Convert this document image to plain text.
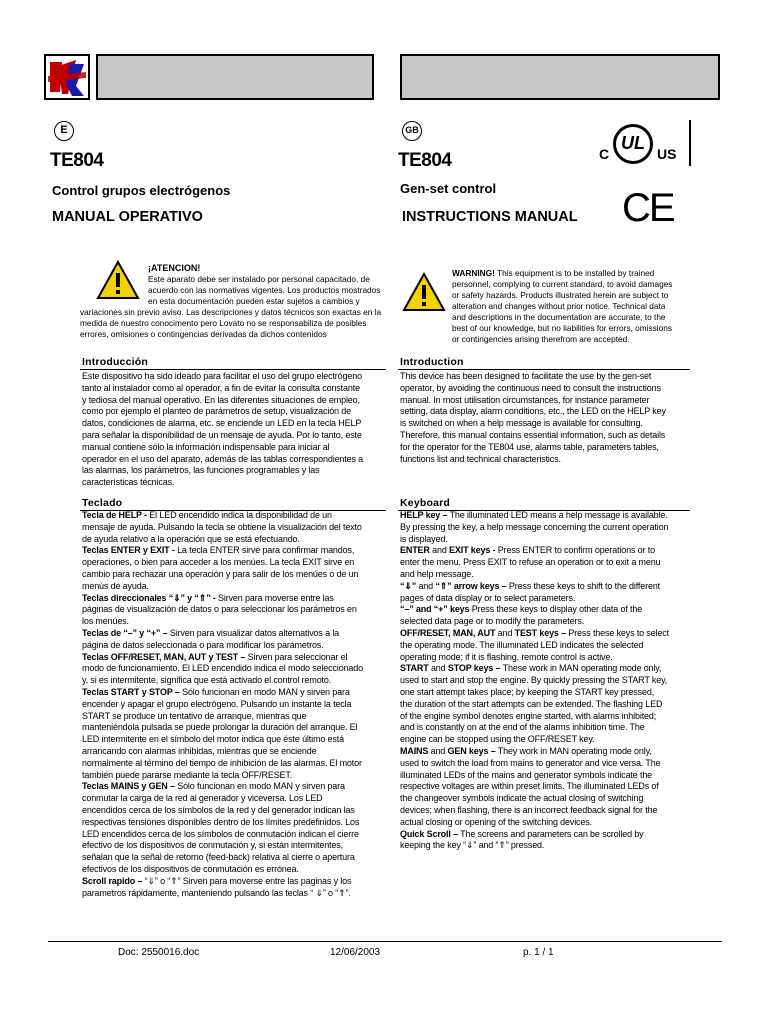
E
TE804
Control grupos electrógenos
MANUAL OPERATIVO
GB
TE804
Gen-set control
INSTRUCTIONS MANUAL
C
UL
US
CE
¡ATENCION!
Este aparato debe ser instalado por personal capacitado, de
acuerdo con las normativas vigentes. Los productos mostrados
en esta documentación pueden estar sujetos a cambios y
variaciones sin previo aviso. Las descripciones y datos técnicos son exactas en la
medida de nuestro conocimento pero Lovato no se responsabiliza de posibles
errores, omisiones o contingencias derivadas da dichos contenidos
WARNING! This equipment is to be installed by trained
personnel, complying to current standard, to avoid damages
or safety hazards. Products illustrated herein are subject to
alteration and changes without prior notice. Technical data
and descriptions in the documentation are accurate, to the
best of our knowledge, but no liabilities for errors, omissions
or contingencies arising therefrom are accepted.
Introducción

Este dispositivo ha sido ideado para facilitar el uso del grupo electrógeno

tanto al instalador como al operador, a fin de evitar la consulta constante

y tediosa del manual operativo. En las diferentes situaciones de empleo,

como por ejemplo el planteo de parámetros de setup, visualización de

datos, condiciones de alarma, etc. se enciende un LED en la tecla HELP

para señalar la disponibilidad de un mensaje de ayuda. Por lo tanto, este

manual contiene sólo la información indispensable para iniciar al

operador en el uso del aparato, además de las tablas correspondientes a

las alarmas, los parámetros, las funciones programables y las

características técnicas.

Introduction

This device has been designed to facilitate the use by the gen-set

operator, by avoiding the continuous need to consult the instructions

manual. In most utilisation circumstances, for instance parameter

setting, data display, alarm conditions, etc., the LED on the HELP key

is switched on when a help message is available for consulting.

Therefore, this manual contains essential information, such as details

for the operator for the TE804 use, alarms table, parameters tables,

functions list and technical characteristics.

Teclado

Tecla de HELP - El LED encendido indica la disponibilidad de un

mensaje de ayuda. Pulsando la tecla se obtiene la visualización del texto

de ayuda relativo a la operación que se está efectuando.

Teclas ENTER y EXIT - La tecla ENTER sirve para confirmar mandos,

operaciones, o bien para acceder a los menúes. La tecla EXIT sirve en

cambio para rechazar una operación y para salir de los menúes o de un

menús de ayuda.

Teclas direccionales “⇓” y “⇑” - Sirven para moverse entre las

páginas de visualización de datos o para seleccionar los parámetros en

los menúes.

Teclas de “–” y “+” – Sirven para visualizar datos alternativos a la

página de datos seleccionada o para modificar los parámetros.

Teclas OFF/RESET, MAN, AUT y TEST – Sirven para seleccionar el

modo de funcionamiento. El LED encendido indica el modo seleccionado

y, si es intermitente, significa que está activado el control remoto.

Teclas START y STOP – Sólo funcionan en modo MAN y sirven para

encender y apagar el grupo electrógeno. Pulsando un instante la tecla

START se produce un tentativo de arranque, mientras que

manteniéndola pulsada se puede prolongar la duración del arranque. El

LED intermitente en el símbolo del motor indica que éste último está

arrancando con alarmas inhibidas, mientras que se enciende

normalmente al término del tiempo de inhibición de las alarmas. El motor

también puede pararse mediante la tecla OFF/RESET.

Teclas MAINS y GEN – Sólo funcionan en modo MAN y sirven para

conmutar la carga de la red al generador y viceversa. Los LED

encendidos cerca de los símbolos de la red y del generador indican las

respectivas tensiones disponibles dentro de los límites predefinidos. Los

LED encendidos cerca de los símbolos de conmutación indican el cierre

efectivo de los dispositivos de conmutación y, si están intermitentes,

señalan que la señal de retorno (feed-back) relativa al cierre o apertura

efectivos de los dispositivos de conmutación es errónea.

Scroll rapido – “⇓” o “⇑” Sirven para moverse entre las paginas y los

parametros rápidamente, manteniendo pulsando las teclas “ ⇓” o “⇑”.

Keyboard

HELP key – The illuminated LED means a help message is available.

By pressing the key, a help message concerning the current operation

is displayed.

ENTER and EXIT keys - Press ENTER to confirm operations or to

enter the menu. Press EXIT to refuse an operation or to exit a menu

and help message.

“⇓” and “⇑” arrow keys – Press these keys to shift to the different

pages of data display or to select parameters.

“–” and “+” keys Press these keys to display other data of the

selected data page or to modify the parameters.

OFF/RESET, MAN, AUT and TEST keys – Press these keys to select

the operating mode. The illuminated LED indicates the selected

operating mode; if it is flashing, remote control is active.

START and STOP keys – These work in MAN operating mode only,

used to start and stop the engine. By quickly pressing the START key,

one start attempt takes place; by keeping the START key pressed,

the duration of the start attempts can be extended. The flashing LED

of the engine symbol denotes engine started, with alarms inhibited;

and is constantly on at the end of the alarms inhibition time. The

engine can be stopped using the OFF/RESET key.

MAINS and GEN keys – They work in MAN operating mode only,

used to switch the load from mains to generator and vice versa. The

illuminated LEDs of the mains and generator symbols indicate the

respective voltages are within preset limits. The illuminated LEDs of

the changeover symbols indicate the actual closing of switching

devices; when flashing, there is an incorrect feedback signal for the

actual closing or opening of the switching devices.

Quick Scroll – The screens and parameters can be scrolled by

keeping the key “⇓” and “⇑” pressed.

Doc: 2550016.doc	12/06/2003	p. 1 / 1
